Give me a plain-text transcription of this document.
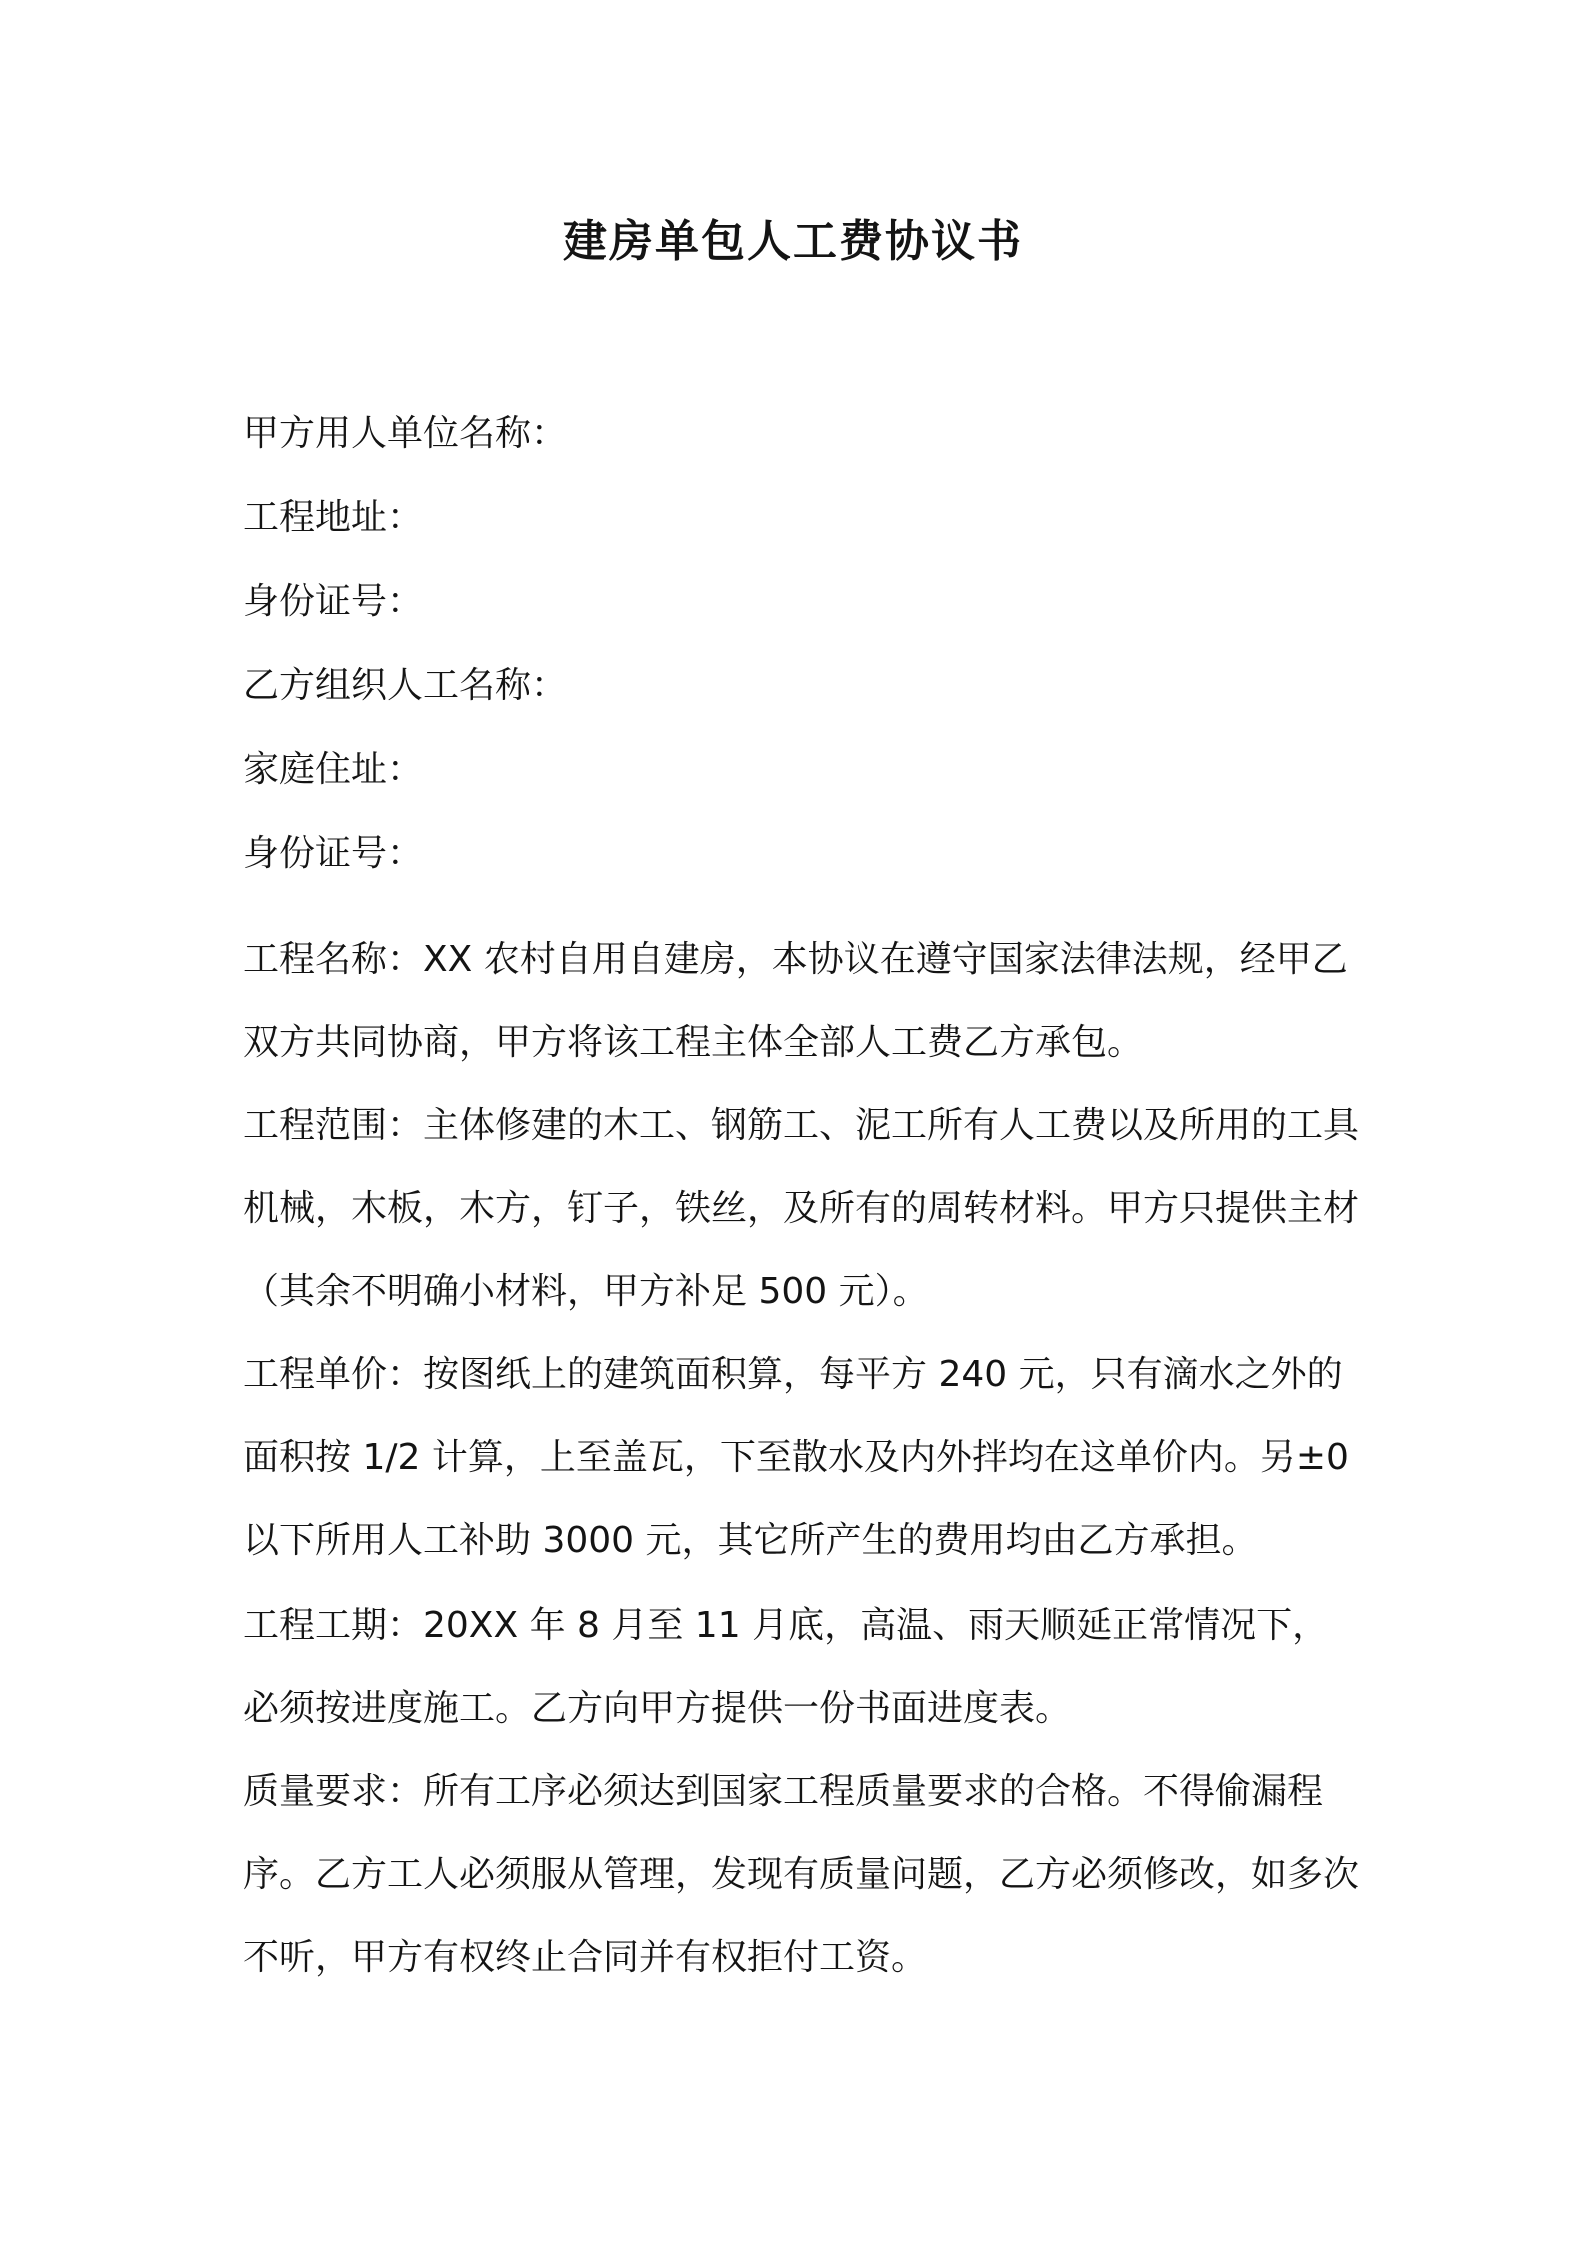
建房单包人工费协议书
甲方用人单位名称：
工程地址：
身份证号：
乙方组织人工名称：
家庭住址：
身份证号：

工程名称：XX 农村自用自建房，本协议在遵守国家法律法规，经甲乙双方共同协商，甲方将该工程主体全部人工费乙方承包。

工程范围：主体修建的木工、钢筋工、泥工所有人工费以及所用的工具机械，木板，木方，钉子，铁丝，及所有的周转材料。甲方只提供主材（其余不明确小材料，甲方补足 500 元）。

工程单价：按图纸上的建筑面积算，每平方 240 元，只有滴水之外的面积按 1/2 计算，上至盖瓦，下至散水及内外拌均在这单价内。另±0 以下所用人工补助 3000 元，其它所产生的费用均由乙方承担。

工程工期：20XX 年 8 月至 11 月底，高温、雨天顺延正常情况下，必须按进度施工。乙方向甲方提供一份书面进度表。

质量要求：所有工序必须达到国家工程质量要求的合格。不得偷漏程序。乙方工人必须服从管理，发现有质量问题，乙方必须修改，如多次不听，甲方有权终止合同并有权拒付工资。
